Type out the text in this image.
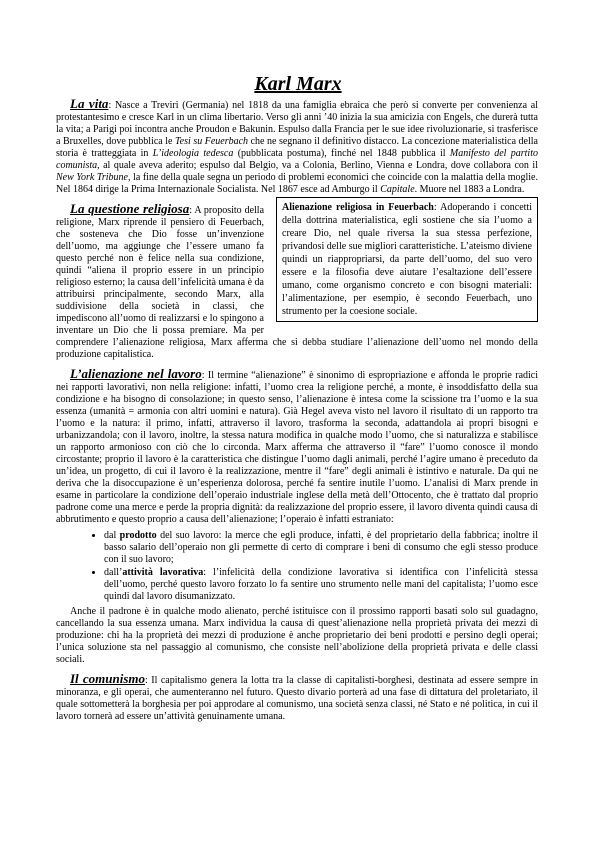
Karl Marx

La vita: Nasce a Treviri (Germania) nel 1818 da una famiglia ebraica che però si converte per convenienza al protestantesimo e cresce Karl in un clima libertario. Verso gli anni ’40 inizia la sua amicizia con Engels, che durerà tutta la vita; a Parigi poi incontra anche Proudon e Bakunin. Espulso dalla Francia per le sue idee rivoluzionarie, si trasferisce a Bruxelles, dove pubblica le Tesi su Feuerbach che ne segnano il definitivo distacco. La concezione materialistica della storia è tratteggiata in L’ideologia tedesca (pubblicata postuma), finché nel 1848 pubblica il Manifesto del partito comunista, al quale aveva aderito; espulso dal Belgio, va a Colonia, Berlino, Vienna e Londra, dove collabora con il New York Tribune, la fine della quale segna un periodo di problemi economici che coincide con la malattia della moglie. Nel 1864 dirige la Prima Internazionale Socialista. Nel 1867 esce ad Amburgo il Capitale. Muore nel 1883 a Londra.

Alienazione religiosa in Feuerbach: Adoperando i concetti della dottrina materialistica, egli sostiene che sia l’uomo a creare Dio, nel quale riversa la sua stessa perfezione, privandosi delle sue migliori caratteristiche. L’ateismo diviene quindi un riappropriarsi, da parte dell’uomo, del suo vero essere e la filosofia deve aiutare l’esaltazione dell’essere umano, come organismo concreto e con bisogni materiali: l’alimentazione, per esempio, è secondo Feuerbach, uno strumento per la coesione sociale.

La questione religiosa: A proposito della religione, Marx riprende il pensiero di Feuerbach, che sosteneva che Dio fosse un’invenzione dell’uomo, ma aggiunge che l’essere umano fa questo perché non è felice nella sua condizione, quindi “aliena il proprio essere in un principio religioso esterno; la causa dell’infelicità umana è da attribuirsi principalmente, secondo Marx, alla suddivisione della società in classi, che impediscono all’uomo di realizzarsi e lo spingono a inventare un Dio che li possa premiare. Ma per comprendere l’alienazione religiosa, Marx afferma che si debba studiare l’alienazione dell’uomo nel mondo della produzione capitalistica.

L’alienazione nel lavoro: Il termine “alienazione” è sinonimo di espropriazione e affonda le proprie radici nei rapporti lavorativi, non nella religione: infatti, l’uomo crea la religione perché, a monte, è insoddisfatto della sua condizione e ha bisogno di consolazione; in questo senso, l’alienazione è intesa come la scissione tra l’uomo e la sua essenza (umanità = armonia con altri uomini e natura). Già Hegel aveva visto nel lavoro il risultato di un rapporto tra l’uomo e la natura: il primo, infatti, attraverso il lavoro, trasforma la seconda, adattandola ai propri bisogni e urbanizzandola; con il lavoro, inoltre, la stessa natura modifica in qualche modo l’uomo, che si naturalizza e stabilisce un rapporto armonioso con ciò che lo circonda. Marx afferma che attraverso il “fare” l’uomo conosce il mondo circostante; proprio il lavoro è la caratteristica che distingue l’uomo dagli animali, perché l’agire umano è preceduto da un’idea, un progetto, di cui il lavoro è la realizzazione, mentre il “fare” degli animali è istintivo e naturale. Da qui ne deriva che la disoccupazione è un’esperienza dolorosa, perché fa sentire inutile l’uomo. L’analisi di Marx prende in esame in particolare la condizione dell’operaio industriale inglese della metà dell’Ottocento, che è trattato dal proprio padrone come una merce e perde la propria dignità: da realizzazione del proprio essere, il lavoro diventa quindi causa di abbrutimento e questo proprio a causa dell’alienazione; l’operaio è infatti estraniato:

• dal prodotto del suo lavoro: la merce che egli produce, infatti, è del proprietario della fabbrica; inoltre il basso salario dell’operaio non gli permette di certo di comprare i beni di consumo che egli stesso produce con il suo lavoro;
• dall’attività lavorativa: l’infelicità della condizione lavorativa si identifica con l’infelicità stessa dell’uomo, perché questo lavoro forzato lo fa sentire uno strumento nelle mani del capitalista; l’uomo esce quindi dal lavoro disumanizzato.

Anche il padrone è in qualche modo alienato, perché istituisce con il prossimo rapporti basati solo sul guadagno, cancellando la sua essenza umana. Marx individua la causa di quest’alienazione nella proprietà privata dei mezzi di produzione: chi ha la proprietà dei mezzi di produzione è anche proprietario dei beni prodotti e persino degli operai; l’unica soluzione sta nel passaggio al comunismo, che consiste nell’abolizione della proprietà privata e delle classi sociali.

Il comunismo: Il capitalismo genera la lotta tra la classe di capitalisti-borghesi, destinata ad essere sempre in minoranza, e gli operai, che aumenteranno nel futuro. Questo divario porterà ad una fase di dittatura del proletariato, il quale sottometterà la borghesia per poi approdare al comunismo, una società senza classi, né Stato e né politica, in cui il lavoro tornerà ad essere un’attività genuinamente umana.
